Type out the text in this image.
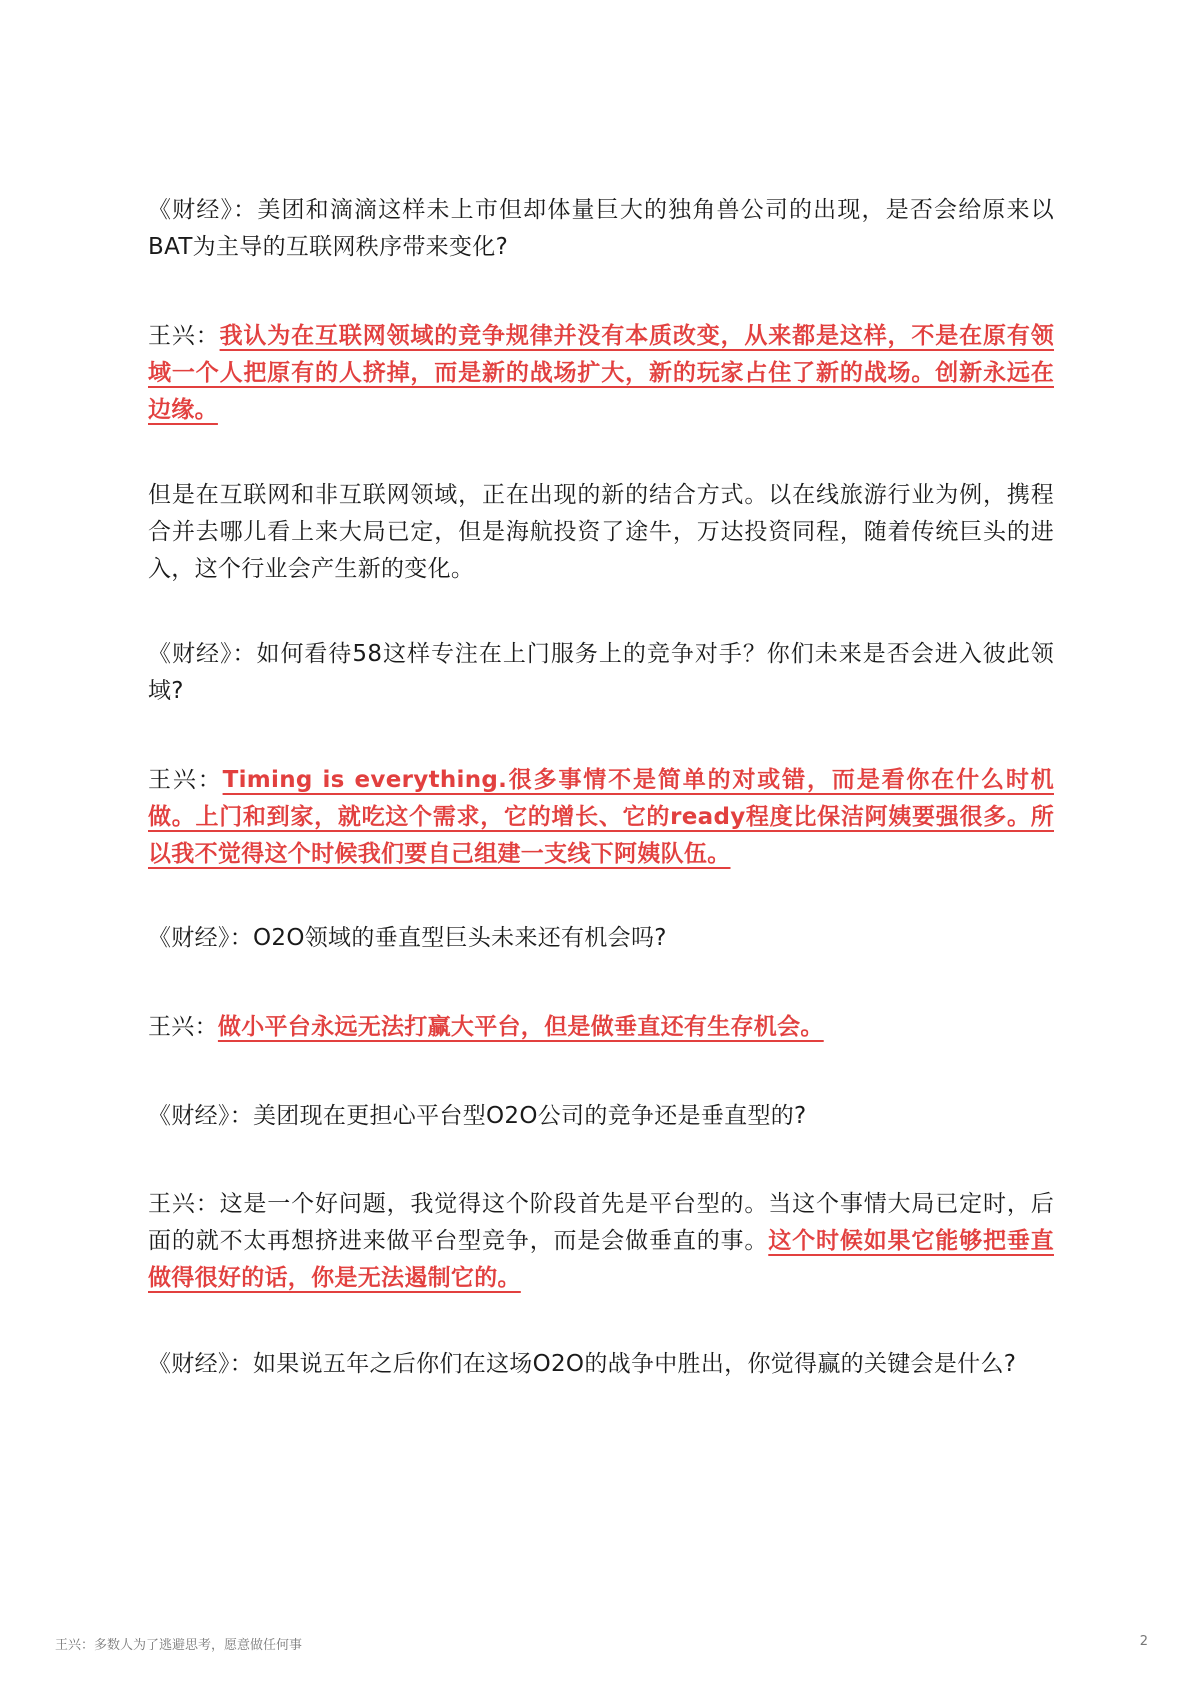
《财经》：美团和滴滴这样未上市但却体量巨大的独角兽公司的出现，是否会给原来以BAT为主导的互联网秩序带来变化?

王兴：我认为在互联网领域的竞争规律并没有本质改变，从来都是这样，不是在原有领域一个人把原有的人挤掉，而是新的战场扩大，新的玩家占住了新的战场。创新永远在边缘。

但是在互联网和非互联网领域，正在出现的新的结合方式。以在线旅游行业为例，携程合并去哪儿看上来大局已定，但是海航投资了途牛，万达投资同程，随着传统巨头的进入，这个行业会产生新的变化。

《财经》：如何看待58这样专注在上门服务上的竞争对手？你们未来是否会进入彼此领域?

王兴：Timing is everything.很多事情不是简单的对或错，而是看你在什么时机做。上门和到家，就吃这个需求，它的增长、它的ready程度比保洁阿姨要强很多。所以我不觉得这个时候我们要自己组建一支线下阿姨队伍。

《财经》：O2O领域的垂直型巨头未来还有机会吗?

王兴：做小平台永远无法打赢大平台，但是做垂直还有生存机会。

《财经》：美团现在更担心平台型O2O公司的竞争还是垂直型的?

王兴：这是一个好问题，我觉得这个阶段首先是平台型的。当这个事情大局已定时，后面的就不太再想挤进来做平台型竞争，而是会做垂直的事。这个时候如果它能够把垂直做得很好的话，你是无法遏制它的。

《财经》：如果说五年之后你们在这场O2O的战争中胜出，你觉得赢的关键会是什么?

王兴：多数人为了逃避思考，愿意做任何事	2
